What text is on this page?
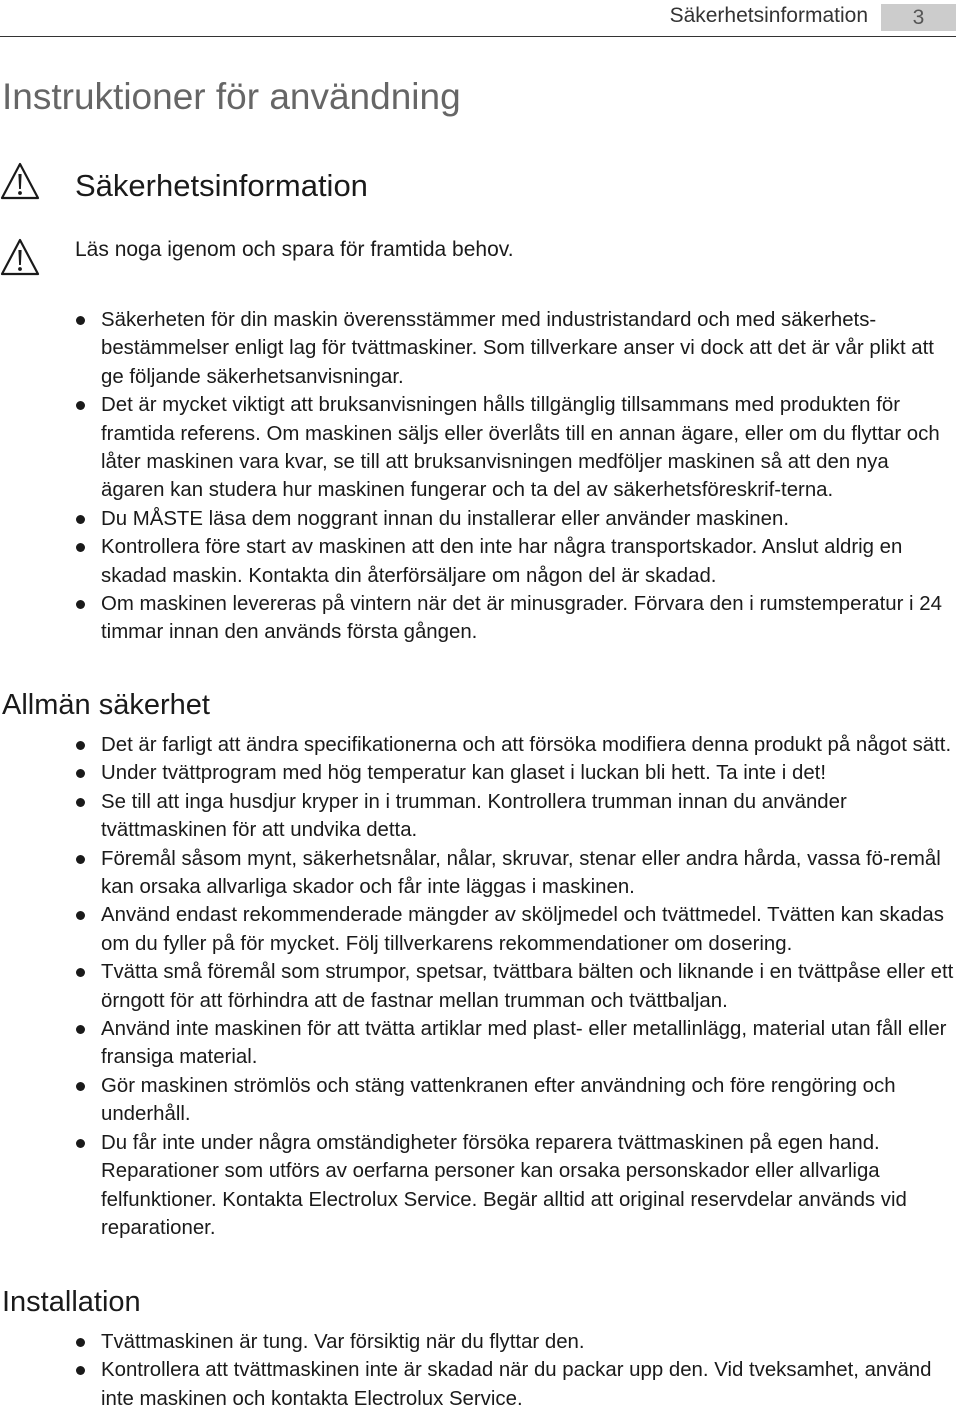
Säkerhetsinformation	3
Instruktioner för användning
Säkerhetsinformation
Läs noga igenom och spara för framtida behov.
Säkerheten för din maskin överensstämmer med industristandard och med säkerhets-bestämmelser enligt lag för tvättmaskiner. Som tillverkare anser vi dock att det är vår plikt att ge följande säkerhetsanvisningar.
Det är mycket viktigt att bruksanvisningen hålls tillgänglig tillsammans med produkten för framtida referens. Om maskinen säljs eller överlåts till en annan ägare, eller om du flyttar och låter maskinen vara kvar, se till att bruksanvisningen medföljer maskinen så att den nya ägaren kan studera hur maskinen fungerar och ta del av säkerhetsföreskrif-terna.
Du MÅSTE läsa dem noggrant innan du installerar eller använder maskinen.
Kontrollera före start av maskinen att den inte har några transportskador. Anslut aldrig en skadad maskin. Kontakta din återförsäljare om någon del är skadad.
Om maskinen levereras på vintern när det är minusgrader. Förvara den i rumstemperatur i 24 timmar innan den används första gången.
Allmän säkerhet
Det är farligt att ändra specifikationerna och att försöka modifiera denna produkt på något sätt.
Under tvättprogram med hög temperatur kan glaset i luckan bli hett. Ta inte i det!
Se till att inga husdjur kryper in i trumman. Kontrollera trumman innan du använder tvättmaskinen för att undvika detta.
Föremål såsom mynt, säkerhetsnålar, nålar, skruvar, stenar eller andra hårda, vassa fö-remål kan orsaka allvarliga skador och får inte läggas i maskinen.
Använd endast rekommenderade mängder av sköljmedel och tvättmedel. Tvätten kan skadas om du fyller på för mycket. Följ tillverkarens rekommendationer om dosering.
Tvätta små föremål som strumpor, spetsar, tvättbara bälten och liknande i en tvättpåse eller ett örngott för att förhindra att de fastnar mellan trumman och tvättbaljan.
Använd inte maskinen för att tvätta artiklar med plast- eller metallinlägg, material utan fåll eller fransiga material.
Gör maskinen strömlös och stäng vattenkranen efter användning och före rengöring och underhåll.
Du får inte under några omständigheter försöka reparera tvättmaskinen på egen hand. Reparationer som utförs av oerfarna personer kan orsaka personskador eller allvarliga felfunktioner. Kontakta Electrolux Service. Begär alltid att original reservdelar används vid reparationer.
Installation
Tvättmaskinen är tung. Var försiktig när du flyttar den.
Kontrollera att tvättmaskinen inte är skadad när du packar upp den. Vid tveksamhet, använd inte maskinen och kontakta Electrolux Service.
